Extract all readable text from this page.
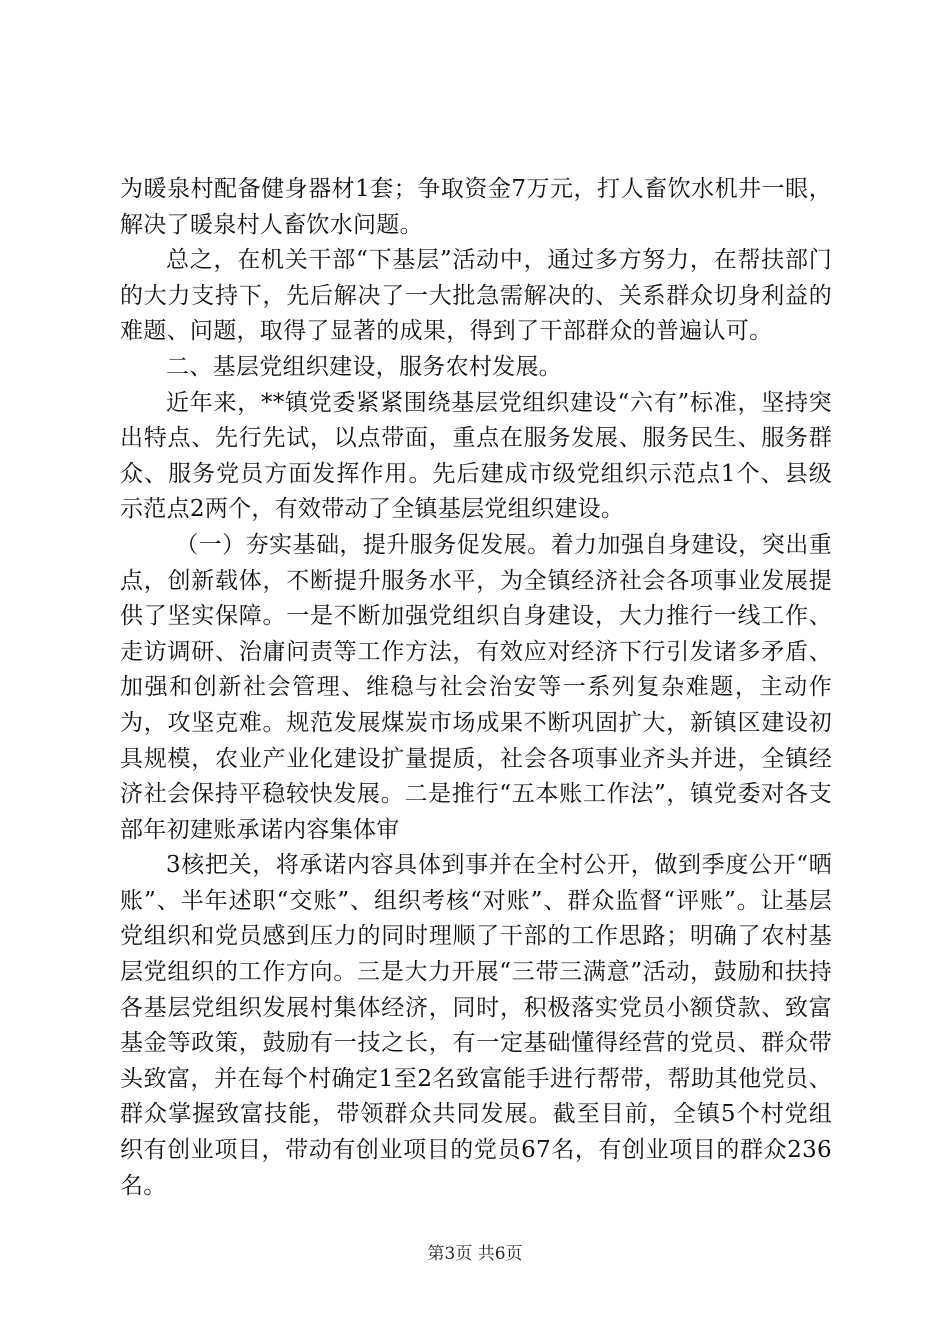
为暖泉村配备健身器材1套；争取资金7万元，打人畜饮水机井一眼，解决了暖泉村人畜饮水问题。

总之，在机关干部“下基层”活动中，通过多方努力，在帮扶部门的大力支持下，先后解决了一大批急需解决的、关系群众切身利益的难题、问题，取得了显著的成果，得到了干部群众的普遍认可。

二、基层党组织建设，服务农村发展。

近年来，**镇党委紧紧围绕基层党组织建设“六有”标准，坚持突出特点、先行先试，以点带面，重点在服务发展、服务民生、服务群众、服务党员方面发挥作用。先后建成市级党组织示范点1个、县级示范点2两个，有效带动了全镇基层党组织建设。

（一）夯实基础，提升服务促发展。着力加强自身建设，突出重点，创新载体，不断提升服务水平，为全镇经济社会各项事业发展提供了坚实保障。一是不断加强党组织自身建设，大力推行一线工作、走访调研、治庸问责等工作方法，有效应对经济下行引发诸多矛盾、加强和创新社会管理、维稳与社会治安等一系列复杂难题，主动作为，攻坚克难。规范发展煤炭市场成果不断巩固扩大，新镇区建设初具规模，农业产业化建设扩量提质，社会各项事业齐头并进，全镇经济社会保持平稳较快发展。二是推行“五本账工作法”，镇党委对各支部年初建账承诺内容集体审

3核把关，将承诺内容具体到事并在全村公开，做到季度公开“晒账”、半年述职“交账”、组织考核“对账”、群众监督“评账”。让基层党组织和党员感到压力的同时理顺了干部的工作思路；明确了农村基层党组织的工作方向。三是大力开展“三带三满意”活动，鼓励和扶持各基层党组织发展村集体经济，同时，积极落实党员小额贷款、致富基金等政策，鼓励有一技之长，有一定基础懂得经营的党员、群众带头致富，并在每个村确定1至2名致富能手进行帮带，帮助其他党员、群众掌握致富技能，带领群众共同发展。截至目前，全镇5个村党组织有创业项目，带动有创业项目的党员67名，有创业项目的群众236名。

第3页 共6页
